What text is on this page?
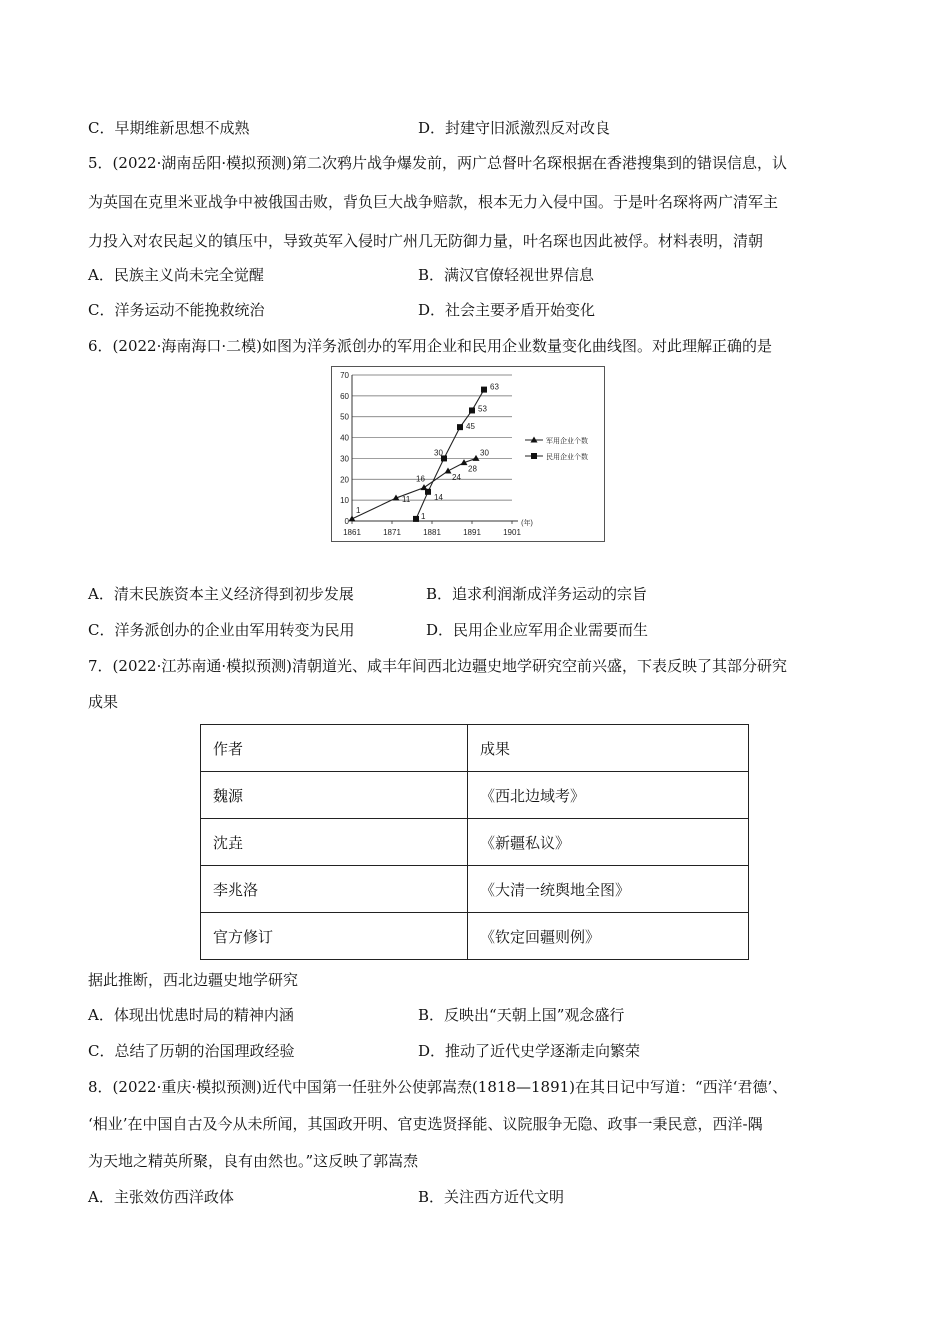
C．早期维新思想不成熟	D．封建守旧派激烈反对改良
5．(2022·湖南岳阳·模拟预测)第二次鸦片战争爆发前，两广总督叶名琛根据在香港搜集到的错误信息，认
为英国在克里米亚战争中被俄国击败，背负巨大战争赔款，根本无力入侵中国。于是叶名琛将两广清军主
力投入对农民起义的镇压中，导致英军入侵时广州几无防御力量，叶名琛也因此被俘。材料表明，清朝
A．民族主义尚未完全觉醒	B．满汉官僚轻视世界信息
C．洋务运动不能挽救统治	D．社会主要矛盾开始变化
6．(2022·海南海口·二模)如图为洋务派创办的军用企业和民用企业数量变化曲线图。对此理解正确的是
0
10
20
30
40
50
60
70
1861	1871	1881	1891	1901
(年)
1
11
16	24
28
30
军用企业个数
1
14
30
45
53
63
民用企业个数
A．清末民族资本主义经济得到初步发展	B．追求利润渐成洋务运动的宗旨
C．洋务派创办的企业由军用转变为民用	D．民用企业应军用企业需要而生
7．(2022·江苏南通·模拟预测)清朝道光、咸丰年间西北边疆史地学研究空前兴盛，下表反映了其部分研究
成果
作者	成果
魏源	《西北边域考》
沈垚	《新疆私议》
李兆洛	《大清一统舆地全图》
官方修订	《钦定回疆则例》
据此推断，西北边疆史地学研究
A．体现出忧患时局的精神内涵	B．反映出“天朝上国”观念盛行
C．总结了历朝的治国理政经验	D．推动了近代史学逐渐走向繁荣
8．(2022·重庆·模拟预测)近代中国第一任驻外公使郭嵩焘(1818—1891)在其日记中写道：“西洋‘君德’、
‘相业’在中国自古及今从未所闻，其国政开明、官吏选贤择能、议院服争无隐、政事一秉民意，西洋-隅
为天地之精英所聚，良有由然也。”这反映了郭嵩焘
A．主张效仿西洋政体	B．关注西方近代文明
